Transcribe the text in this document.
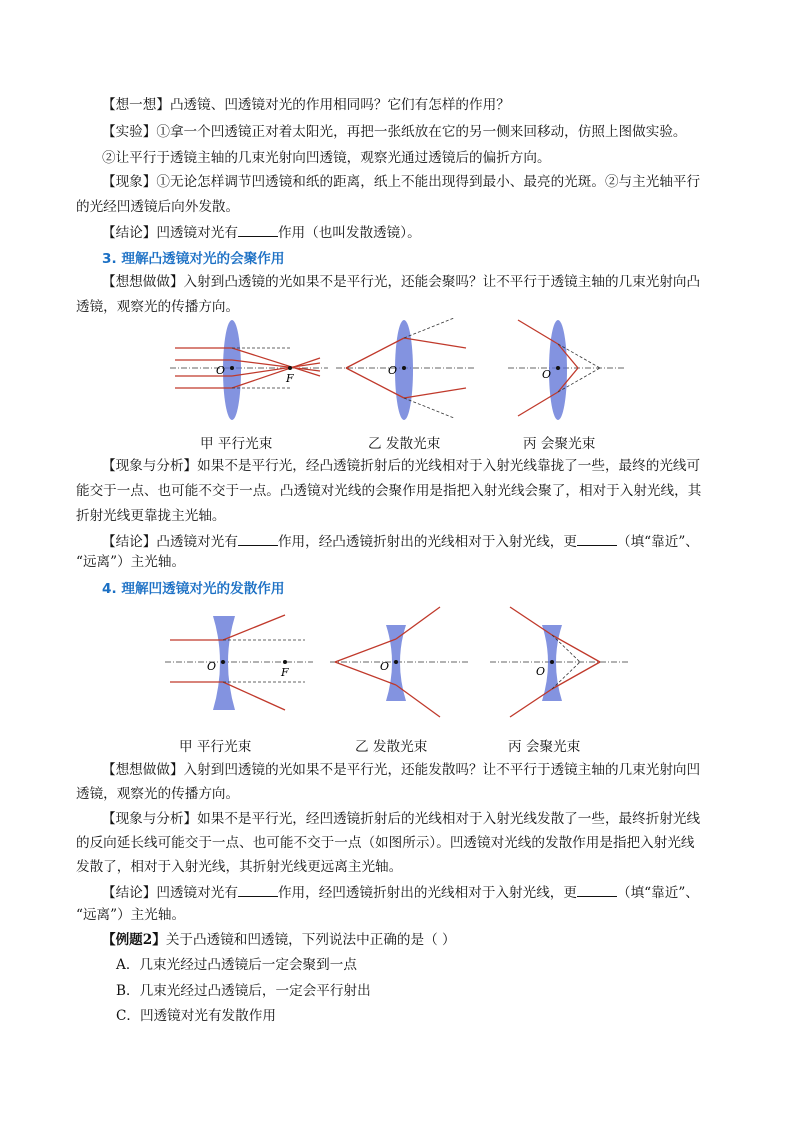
【想一想】凸透镜、凹透镜对光的作用相同吗？它们有怎样的作用？
【实验】①拿一个凹透镜正对着太阳光，再把一张纸放在它的另一侧来回移动，仿照上图做实验。
②让平行于透镜主轴的几束光射向凹透镜，观察光通过透镜后的偏折方向。
【现象】①无论怎样调节凹透镜和纸的距离，纸上不能出现得到最小、最亮的光斑。②与主光轴平行
的光经凹透镜后向外发散。
【结论】凹透镜对光有	作用（也叫发散透镜）。
3. 理解凸透镜对光的会聚作用
【想想做做】入射到凸透镜的光如果不是平行光，还能会聚吗？让不平行于透镜主轴的几束光射向凸
透镜，观察光的传播方向。
O
F
O	O
甲 平行光束	乙 发散光束	丙 会聚光束
【现象与分析】如果不是平行光，经凸透镜折射后的光线相对于入射光线靠拢了一些，最终的光线可
能交于一点、也可能不交于一点。凸透镜对光线的会聚作用是指把入射光线会聚了，相对于入射光线，其
折射光线更靠拢主光轴。
【结论】凸透镜对光有	作用，经凸透镜折射出的光线相对于入射光线，更	（填“靠近”、
“远离”）主光轴。
4. 理解凹透镜对光的发散作用
O	F	O	O
甲 平行光束	乙 发散光束	丙 会聚光束
【想想做做】入射到凹透镜的光如果不是平行光，还能发散吗？让不平行于透镜主轴的几束光射向凹
透镜，观察光的传播方向。
【现象与分析】如果不是平行光，经凹透镜折射后的光线相对于入射光线发散了一些，最终折射光线
的反向延长线可能交于一点、也可能不交于一点（如图所示）。凹透镜对光线的发散作用是指把入射光线
发散了，相对于入射光线，其折射光线更远离主光轴。
【结论】凹透镜对光有	作用，经凹透镜折射出的光线相对于入射光线，更	（填“靠近”、
“远离”）主光轴。
【例题2】关于凸透镜和凹透镜，下列说法中正确的是（ ）
A．几束光经过凸透镜后一定会聚到一点
B．几束光经过凸透镜后，一定会平行射出
C．凹透镜对光有发散作用
